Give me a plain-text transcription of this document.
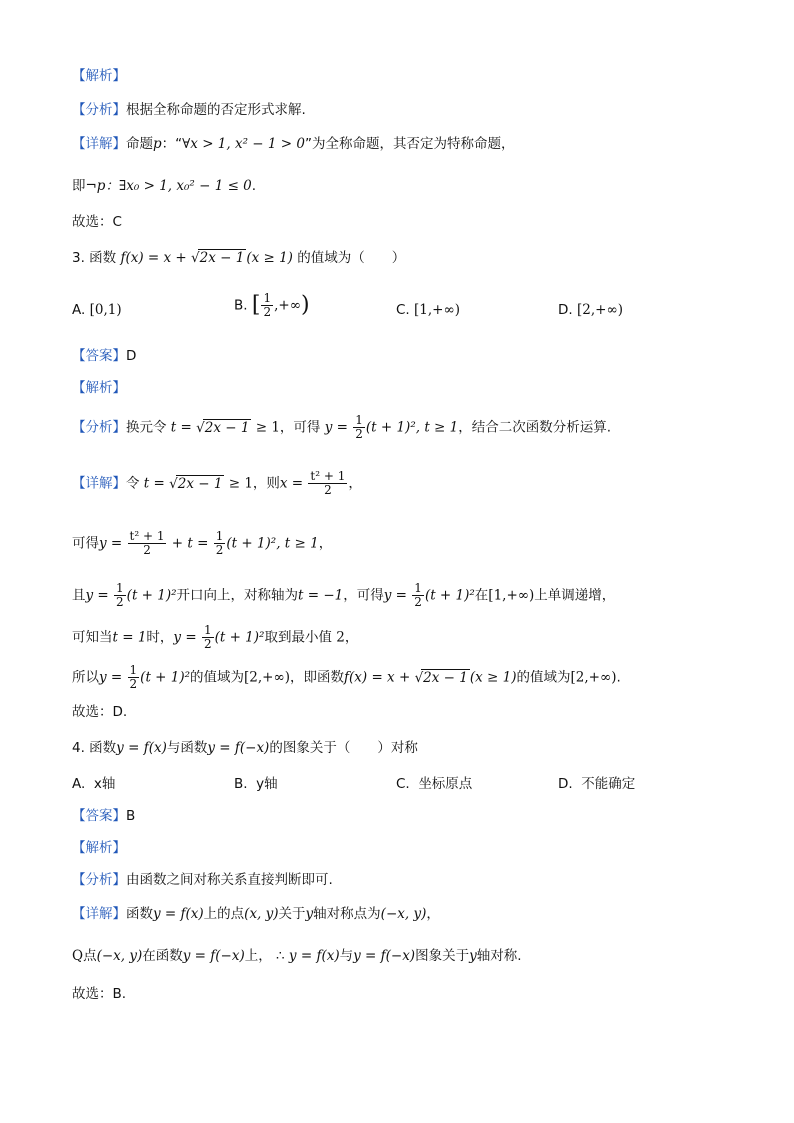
【解析】
【分析】根据全称命题的否定形式求解.
【详解】命题p：“∀x > 1, x² − 1 > 0”为全称命题，其否定为特称命题，
即¬p：∃x₀ > 1, x₀² − 1 ≤ 0.
故选：C
3. 函数 f(x) = x + √2x − 1 (x ≥ 1) 的值域为（　　）
A. [0,1)	B. [ $\frac{1}{2}$ ,+∞)	C. [1,+∞)	D. [2,+∞)
【答案】D
【解析】
【分析】换元令 t = √2x − 1 ≥ 1，可得 $y = \frac{1}{2} (t + 1)^2$, t ≥ 1，结合二次函数分析运算.
【详解】令 t = √2x − 1 ≥ 1，则$x = \frac{\text{t² + 1}}{2}$ ，
可得$y = \frac{\text{t² + 1}}{2} + t = \frac{1}{2} (t + 1)^2$, t ≥ 1，
且$y = \frac{1}{2} (t + 1)^2$开口向上，对称轴为t = −1，可得$y = \frac{1}{2} (t + 1)^2$在[1,+∞)上单调递增，
可知当t = 1时，$y = \frac{1}{2} (t + 1)^2$取到最小值 2，
所以$y = \frac{1}{2} (t + 1)^2$的值域为[2,+∞)，即函数f(x) = x + √2x − 1 (x ≥ 1)的值域为[2,+∞).
故选：D.
4. 函数y = f(x)与函数y = f(−x)的图象关于（　　）对称
A. x轴	B. y轴	C. 坐标原点	D. 不能确定
【答案】B
【解析】
【分析】由函数之间对称关系直接判断即可.
【详解】函数y = f(x)上的点(x, y)关于y轴对称点为(−x, y)，
Q点(−x, y)在函数y = f(−x)上， ∴ y = f(x)与y = f(−x)图象关于y轴对称.
故选：B.
